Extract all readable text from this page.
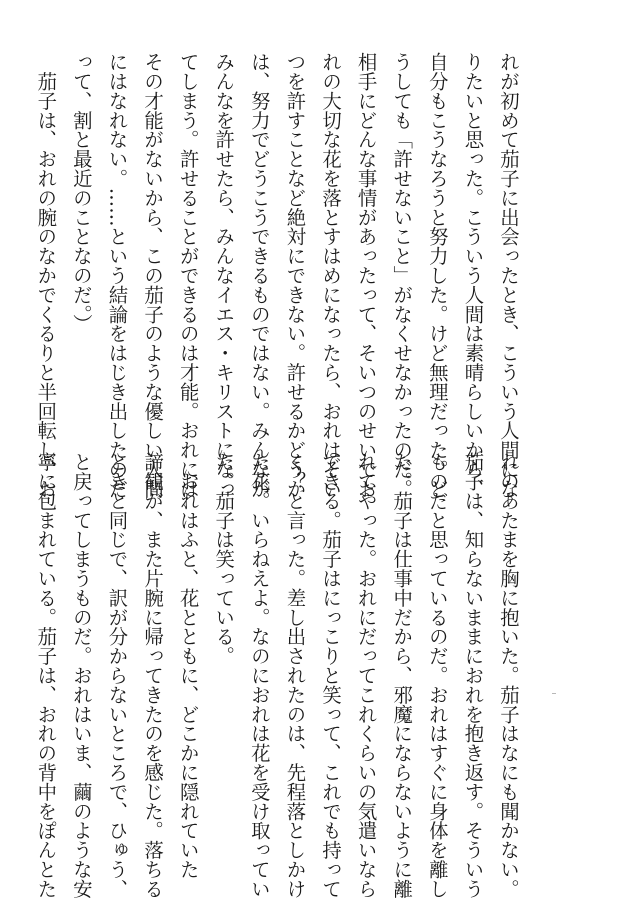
れが初めて茄子に出会ったとき、こういう人間にな
りたいと思った。こういう人間は素晴らしいから、
自分もこうなろうと努力した。けど無理だった。ど
うしても「許せないこと」がなくせなかったのだ。
相手にどんな事情があったって、そいつのせいでお
れの大切な花を落とすはめになったら、おれはそい
つを許すことなど絶対にできない。許せるかどうか
は、努力でどうこうできるものではない。みんなが
みんなを許せたら、みんなイエス・キリストになっ
てしまう。許せることができるのは才能。おれには
その才能がないから、この茄子のような優しい人間
にはなれない。……という結論をはじき出したのだ
って、割と最近のことなのだ。）
　茄子は、おれの腕のなかでくるりと半回転し、お
れのあたまを胸に抱いた。茄子はなにも聞かない。
茄子は、知らないままにおれを抱き返す。そういう
ものだと思っているのだ。おれはすぐに身体を離し
た。茄子は仕事中だから、邪魔にならないように離
れてやった。おれにだってこれくらいの気遣いなら
できる。茄子はにっこりと笑って、これでも持って
く？と言った。差し出されたのは、先程落としかけ
た花。いらねえよ。なのにおれは花を受け取ってい
た。茄子は笑っている。
　おれはふと、花とともに、どこかに隠れていた
諦観が、また片腕に帰ってきたのを感じた。落ちる
ときと同じで、訳が分からないところで、ひゅう、
と戻ってしまうものだ。おれはいま、繭のような安
寧に包まれている。茄子は、おれの背中をぽんとた
